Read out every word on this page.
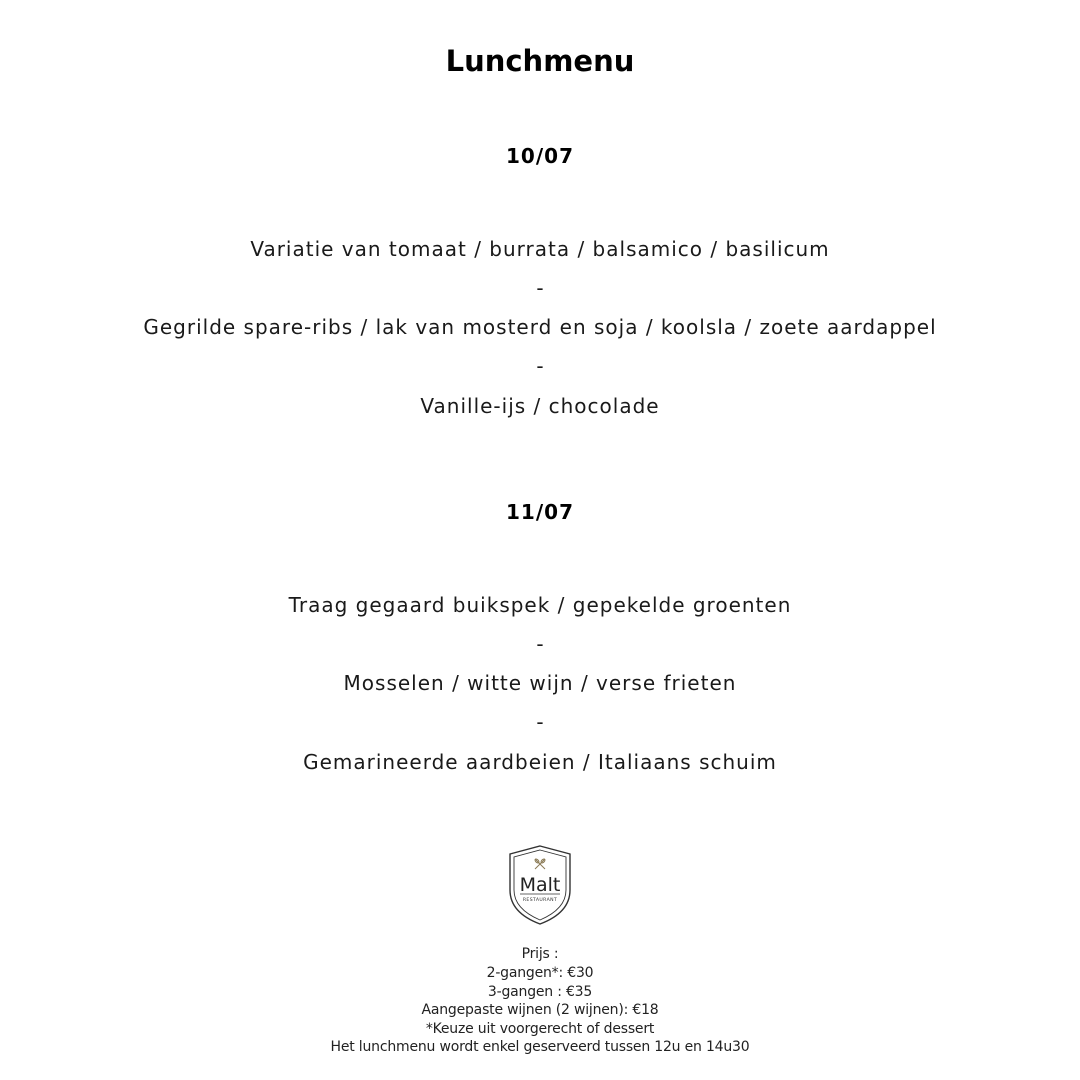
Lunchmenu
10/07
Variatie van tomaat / burrata / balsamico / basilicum
-
Gegrilde spare-ribs / lak van mosterd en soja / koolsla / zoete aardappel
-
Vanille-ijs / chocolade
11/07
Traag gegaard buikspek / gepekelde groenten
-
Mosselen / witte wijn / verse frieten
-
Gemarineerde aardbeien / Italiaans schuim
Malt
RESTAURANT
Prijs :
2-gangen*: €30
3-gangen : €35
Aangepaste wijnen (2 wijnen): €18
*Keuze uit voorgerecht of dessert
Het lunchmenu wordt enkel geserveerd tussen 12u en 14u30
